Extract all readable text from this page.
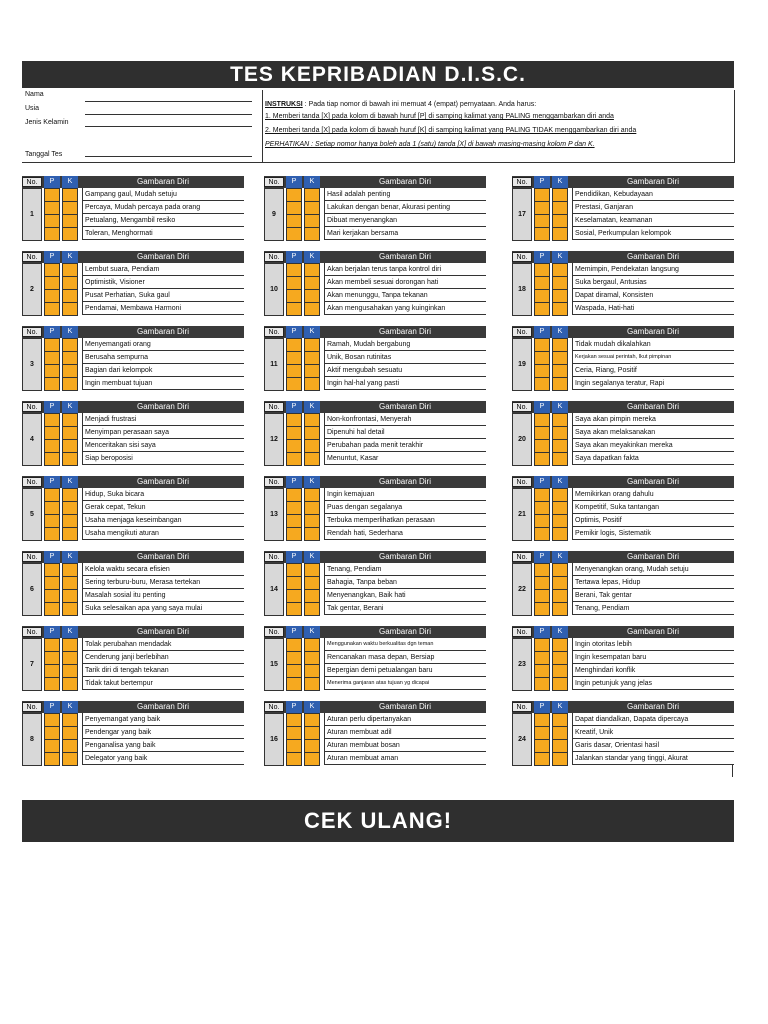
TES KEPRIBADIAN D.I.S.C.
Nama
Usia
Jenis Kelamin
Tanggal Tes
INSTRUKSI : Pada tiap nomor di bawah ini memuat 4 (empat) pernyataan. Anda harus:
1. Memberi tanda [X] pada kolom di bawah huruf [P] di samping kalimat yang PALING menggambarkan diri anda
2. Memberi tanda [X] pada kolom di bawah huruf [K] di samping kalimat yang PALING TIDAK menggambarkan diri anda
PERHATIKAN : Setiap nomor hanya boleh ada 1 (satu) tanda [X] di bawah masing-masing kolom P dan K.
No.	P	K	Gambaran Diri
1
Gampang gaul, Mudah setuju
Percaya, Mudah percaya pada orang
Petualang, Mengambil resiko
Toleran, Menghormati
No.	P	K	Gambaran Diri
2
Lembut suara, Pendiam
Optimistik, Visioner
Pusat Perhatian, Suka gaul
Pendamai, Membawa Harmoni
No.	P	K	Gambaran Diri
3
Menyemangati orang
Berusaha sempurna
Bagian dari kelompok
Ingin membuat tujuan
No.	P	K	Gambaran Diri
4
Menjadi frustrasi
Menyimpan perasaan saya
Menceritakan sisi saya
Siap beroposisi
No.	P	K	Gambaran Diri
5
Hidup, Suka bicara
Gerak cepat, Tekun
Usaha menjaga keseimbangan
Usaha mengikuti aturan
No.	P	K	Gambaran Diri
6
Kelola waktu secara efisien
Sering terburu-buru, Merasa tertekan
Masalah sosial itu penting
Suka selesaikan apa yang saya mulai
No.	P	K	Gambaran Diri
7
Tolak perubahan mendadak
Cenderung janji berlebihan
Tarik diri di tengah tekanan
Tidak takut bertempur
No.	P	K	Gambaran Diri
8
Penyemangat yang baik
Pendengar yang baik
Penganalisa yang baik
Delegator yang baik
No.	P	K	Gambaran Diri
9
Hasil adalah penting
Lakukan dengan benar, Akurasi penting
Dibuat menyenangkan
Mari kerjakan bersama
No.	P	K	Gambaran Diri
10
Akan berjalan terus tanpa kontrol diri
Akan membeli sesuai dorongan hati
Akan menunggu, Tanpa tekanan
Akan mengusahakan yang kuinginkan
No.	P	K	Gambaran Diri
11
Ramah, Mudah bergabung
Unik, Bosan rutinitas
Aktif mengubah sesuatu
Ingin hal-hal yang pasti
No.	P	K	Gambaran Diri
12
Non-konfrontasi, Menyerah
Dipenuhi hal detail
Perubahan pada menit terakhir
Menuntut, Kasar
No.	P	K	Gambaran Diri
13
Ingin kemajuan
Puas dengan segalanya
Terbuka memperlihatkan perasaan
Rendah hati, Sederhana
No.	P	K	Gambaran Diri
14
Tenang, Pendiam
Bahagia, Tanpa beban
Menyenangkan, Baik hati
Tak gentar, Berani
No.	P	K	Gambaran Diri
15
Menggunakan waktu berkualitas dgn teman
Rencanakan masa depan, Bersiap
Bepergian demi petualangan baru
Menerima ganjaran atas tujuan yg dicapai
No.	P	K	Gambaran Diri
16
Aturan perlu dipertanyakan
Aturan membuat adil
Aturan membuat bosan
Aturan membuat aman
No.	P	K	Gambaran Diri
17
Pendidikan, Kebudayaan
Prestasi, Ganjaran
Keselamatan, keamanan
Sosial, Perkumpulan kelompok
No.	P	K	Gambaran Diri
18
Memimpin, Pendekatan langsung
Suka bergaul, Antusias
Dapat diramal, Konsisten
Waspada, Hati-hati
No.	P	K	Gambaran Diri
19
Tidak mudah dikalahkan
Kerjakan sesuai perintah, Ikut pimpinan
Ceria, Riang, Positif
Ingin segalanya teratur, Rapi
No.	P	K	Gambaran Diri
20
Saya akan pimpin mereka
Saya akan melaksanakan
Saya akan meyakinkan mereka
Saya dapatkan fakta
No.	P	K	Gambaran Diri
21
Memikirkan orang dahulu
Kompetitif, Suka tantangan
Optimis, Positif
Pemikir logis, Sistematik
No.	P	K	Gambaran Diri
22
Menyenangkan orang, Mudah setuju
Tertawa lepas, Hidup
Berani, Tak gentar
Tenang, Pendiam
No.	P	K	Gambaran Diri
23
Ingin otoritas lebih
Ingin kesempatan baru
Menghindari konflik
Ingin petunjuk yang jelas
No.	P	K	Gambaran Diri
24
Dapat diandalkan, Dapata dipercaya
Kreatif, Unik
Garis dasar, Orientasi hasil
Jalankan standar yang tinggi, Akurat
CEK ULANG!
